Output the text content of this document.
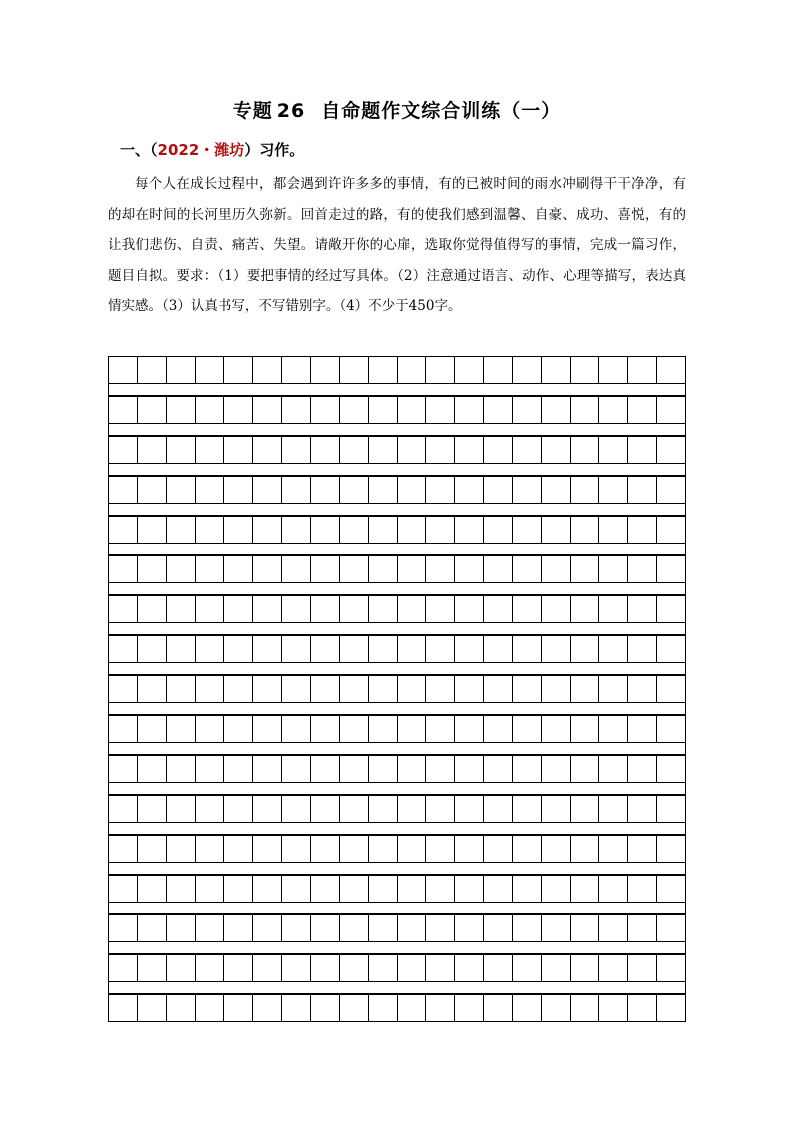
专题 26 自命题作文综合训练（一）
一、（2022・潍坊）习作。
每个人在成长过程中，都会遇到许许多多的事情，有的已被时间的雨水冲刷得干干净净，有的却在时间的长河里历久弥新。回首走过的路，有的使我们感到温馨、自豪、成功、喜悦，有的让我们悲伤、自责、痛苦、失望。请敞开你的心扉，选取你觉得值得写的事情，完成一篇习作，题目自拟。要求：（1）要把事情的经过写具体。（2）注意通过语言、动作、心理等描写，表达真情实感。（3）认真书写，不写错别字。（4）不少于450字。
